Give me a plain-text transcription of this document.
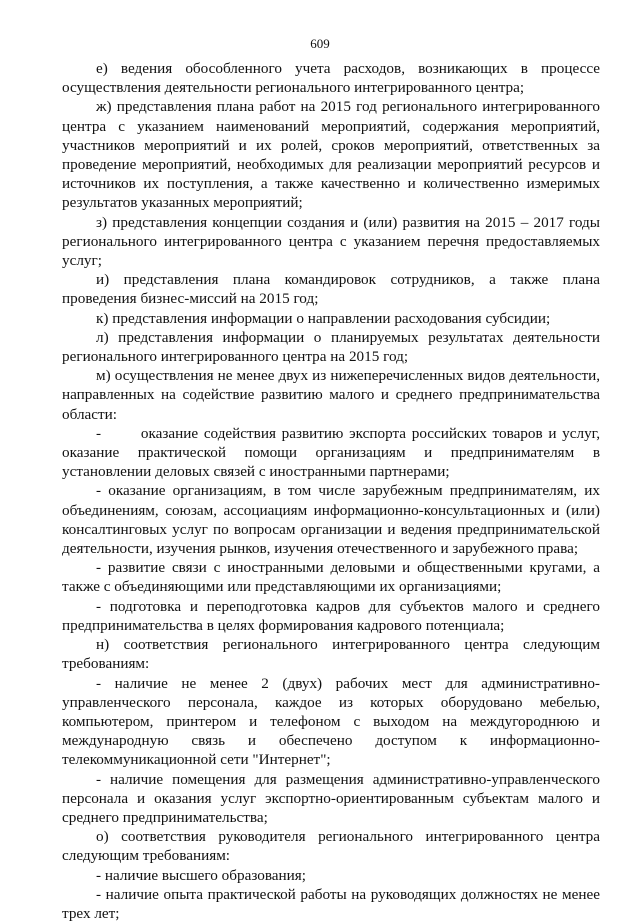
609

е) ведения обособленного учета расходов, возникающих в процессе осуществления деятельности регионального интегрированного центра;

ж) представления плана работ на 2015 год регионального интегрированного центра с указанием наименований мероприятий, содержания мероприятий, участников мероприятий и их ролей, сроков мероприятий, ответственных за проведение мероприятий, необходимых для реализации мероприятий ресурсов и источников их поступления, а также качественно и количественно измеримых результатов указанных мероприятий;

з) представления концепции создания и (или) развития на 2015 – 2017 годы регионального интегрированного центра с указанием перечня предоставляемых услуг;

и) представления плана командировок сотрудников, а также плана проведения бизнес-миссий на 2015 год;

к) представления информации о направлении расходования субсидии;

л) представления информации о планируемых результатах деятельности регионального интегрированного центра на 2015 год;

м) осуществления не менее двух из нижеперечисленных видов деятельности, направленных на содействие развитию малого и среднего предпринимательства области:

-       оказание содействия развитию экспорта российских товаров и услуг, оказание практической помощи организациям и предпринимателям в установлении деловых связей с иностранными партнерами;

- оказание организациям, в том числе зарубежным предпринимателям, их объединениям, союзам, ассоциациям информационно-консультационных и (или) консалтинговых услуг по вопросам организации и ведения предпринимательской деятельности, изучения рынков, изучения отечественного и зарубежного права;

- развитие связи с иностранными деловыми и общественными кругами, а также с объединяющими или представляющими их организациями;

- подготовка и переподготовка кадров для субъектов малого и среднего предпринимательства в целях формирования кадрового потенциала;

н) соответствия регионального интегрированного центра следующим требованиям:

- наличие не менее 2 (двух) рабочих мест для административно-управленческого персонала, каждое из которых оборудовано мебелью, компьютером, принтером и телефоном с выходом на междугороднюю и международную связь и обеспечено доступом к информационно-телекоммуникационной сети "Интернет";

- наличие помещения для размещения административно-управленческого персонала и оказания услуг экспортно-ориентированным субъектам малого и среднего предпринимательства;

о) соответствия руководителя регионального интегрированного центра следующим требованиям:

- наличие высшего образования;

- наличие опыта практической работы на руководящих должностях не менее трех лет;
